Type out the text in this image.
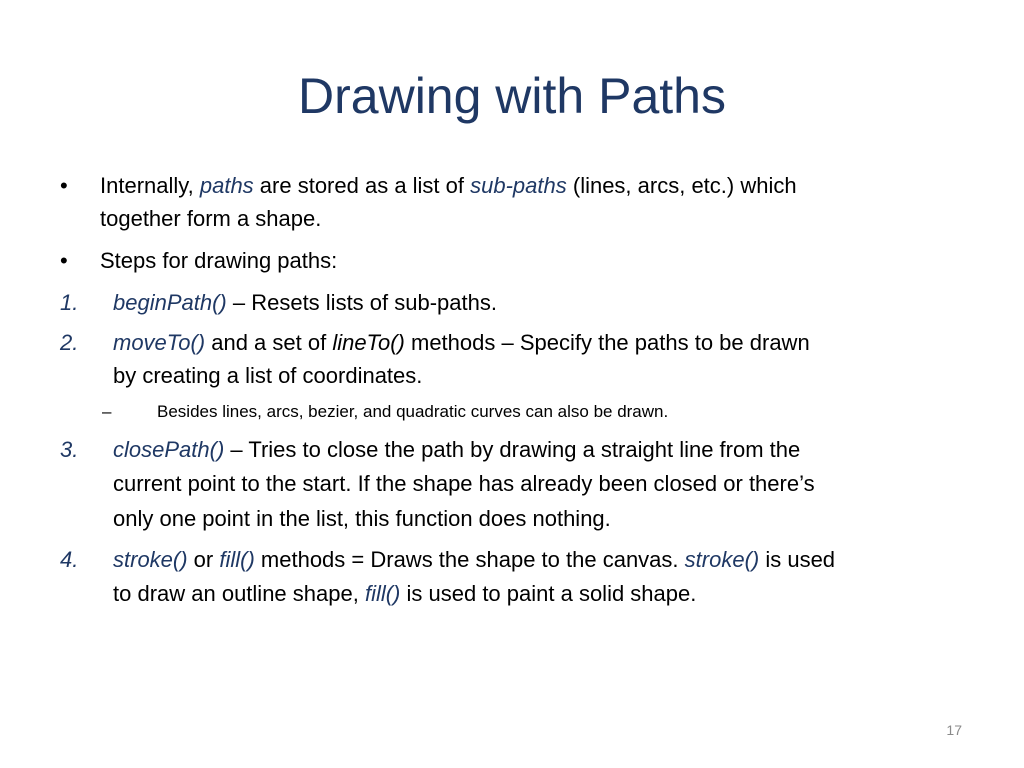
Drawing with Paths
• Internally, paths are stored as a list of sub-paths (lines, arcs, etc.) which
together form a shape.
• Steps for drawing paths:
1. beginPath() – Resets lists of sub-paths.
2. moveTo() and a set of lineTo() methods – Specify the paths to be drawn
by creating a list of coordinates.
–	Besides lines, arcs, bezier, and quadratic curves can also be drawn.
3. closePath() – Tries to close the path by drawing a straight line from the
current point to the start. If the shape has already been closed or there’s
only one point in the list, this function does nothing.
4. stroke() or fill() methods = Draws the shape to the canvas. stroke() is used
to draw an outline shape, fill() is used to paint a solid shape.
17
